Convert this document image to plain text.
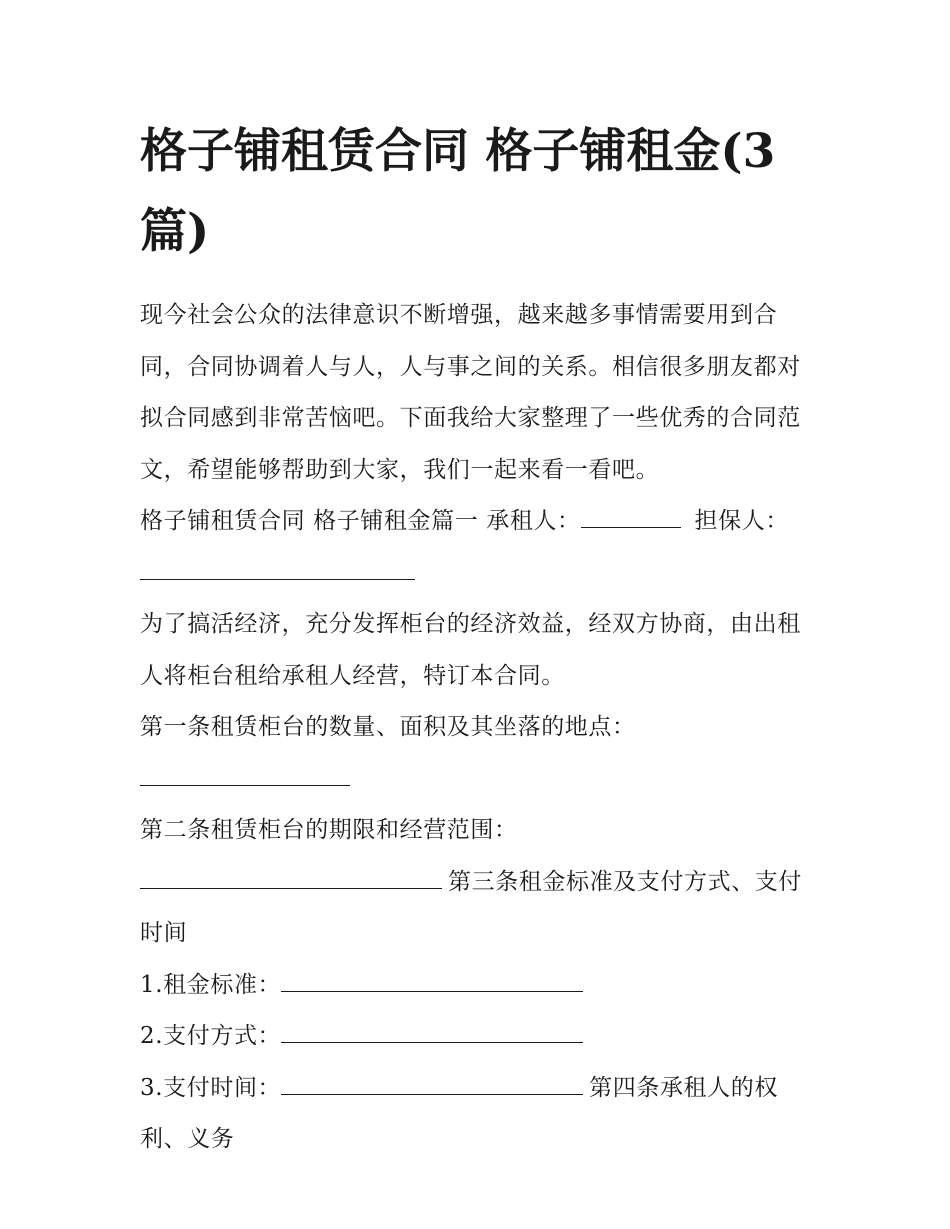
格子铺租赁合同 格子铺租金(3篇)

现今社会公众的法律意识不断增强，越来越多事情需要用到合同，合同协调着人与人，人与事之间的关系。相信很多朋友都对拟合同感到非常苦恼吧。下面我给大家整理了一些优秀的合同范文，希望能够帮助到大家，我们一起来看一看吧。

格子铺租赁合同 格子铺租金篇一 承租人：	担保人：

为了搞活经济，充分发挥柜台的经济效益，经双方协商，由出租人将柜台租给承租人经营，特订本合同。

第一条租赁柜台的数量、面积及其坐落的地点：

第二条租赁柜台的期限和经营范围：

第三条租金标准及支付方式、支付时间

1.租金标准：

2.支付方式：

3.支付时间：	第四条承租人的权利、义务
